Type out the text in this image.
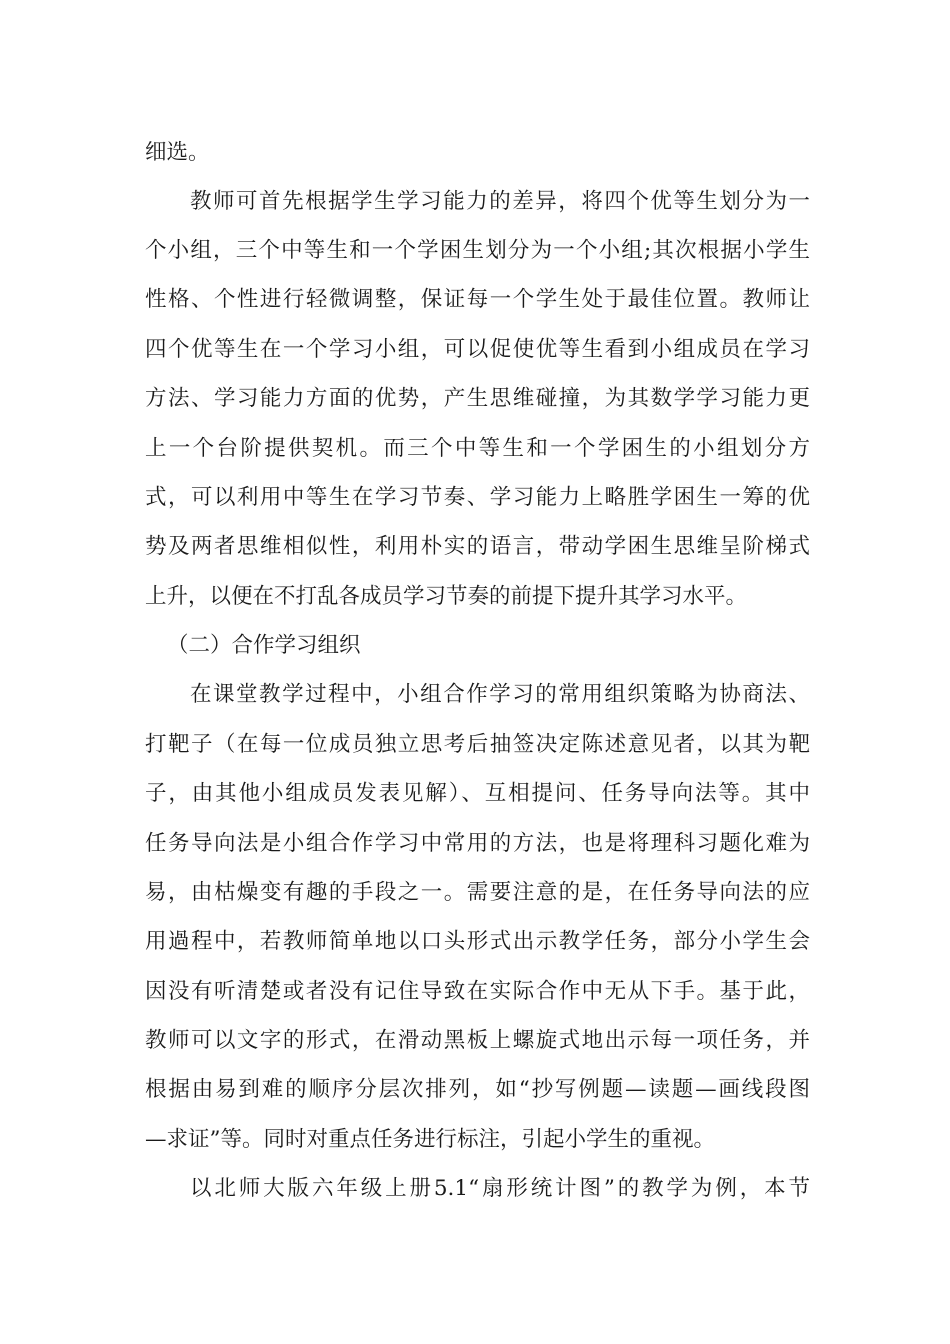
细选。
教师可首先根据学生学习能力的差异，将四个优等生划分为一
个小组，三个中等生和一个学困生划分为一个小组;其次根据小学生
性格、个性进行轻微调整，保证每一个学生处于最佳位置。教师让
四个优等生在一个学习小组，可以促使优等生看到小组成员在学习
方法、学习能力方面的优势，产生思维碰撞，为其数学学习能力更
上一个台阶提供契机。而三个中等生和一个学困生的小组划分方
式，可以利用中等生在学习节奏、学习能力上略胜学困生一筹的优
势及两者思维相似性，利用朴实的语言，带动学困生思维呈阶梯式
上升，以便在不打乱各成员学习节奏的前提下提升其学习水平。
（二）合作学习组织
在课堂教学过程中，小组合作学习的常用组织策略为协商法、
打靶子（在每一位成员独立思考后抽签决定陈述意见者，以其为靶
子，由其他小组成员发表见解）、互相提问、任务导向法等。其中
任务导向法是小组合作学习中常用的方法，也是将理科习题化难为
易，由枯燥变有趣的手段之一。需要注意的是，在任务导向法的应
用過程中，若教师简单地以口头形式出示教学任务，部分小学生会
因没有听清楚或者没有记住导致在实际合作中无从下手。基于此，
教师可以文字的形式，在滑动黑板上螺旋式地出示每一项任务，并
根据由易到难的顺序分层次排列，如“抄写例题—读题—画线段图
—求证”等。同时对重点任务进行标注，引起小学生的重视。
以北师大版六年级上册5.1“扇形统计图”的教学为例，本节
